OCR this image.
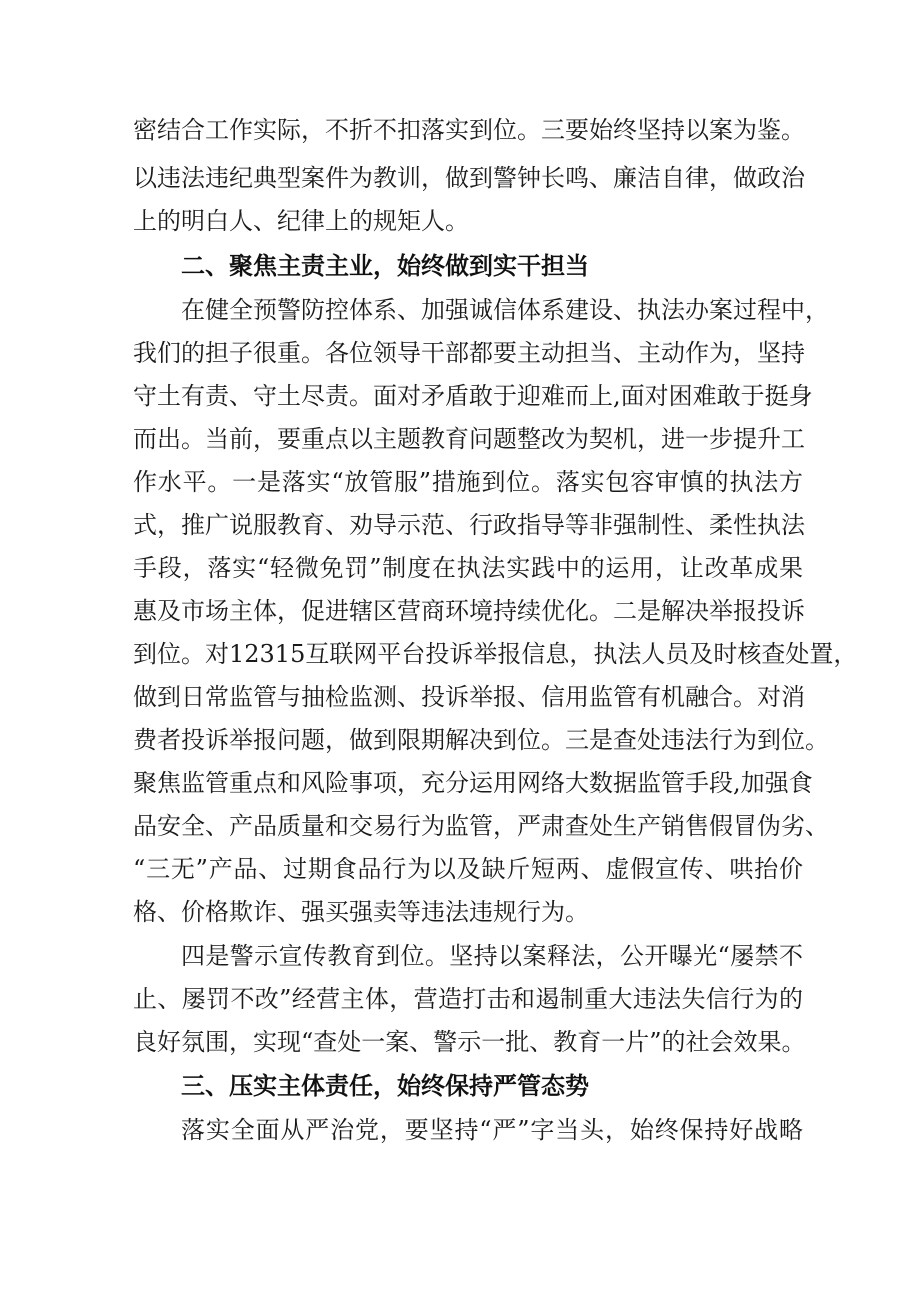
密结合工作实际，不折不扣落实到位。三要始终坚持以案为鉴。
以违法违纪典型案件为教训，做到警钟长鸣、廉洁自律，做政治
上的明白人、纪律上的规矩人。
二、聚焦主责主业，始终做到实干担当
在健全预警防控体系、加强诚信体系建设、执法办案过程中，
我们的担子很重。各位领导干部都要主动担当、主动作为，坚持
守土有责、守土尽责。面对矛盾敢于迎难而上,面对困难敢于挺身
而出。当前，要重点以主题教育问题整改为契机，进一步提升工
作水平。一是落实“放管服”措施到位。落实包容审慎的执法方
式，推广说服教育、劝导示范、行政指导等非强制性、柔性执法
手段，落实“轻微免罚”制度在执法实践中的运用，让改革成果
惠及市场主体，促进辖区营商环境持续优化。二是解决举报投诉
到位。对12315互联网平台投诉举报信息，执法人员及时核查处置，
做到日常监管与抽检监测、投诉举报、信用监管有机融合。对消
费者投诉举报问题，做到限期解决到位。三是查处违法行为到位。
聚焦监管重点和风险事项，充分运用网络大数据监管手段,加强食
品安全、产品质量和交易行为监管，严肃查处生产销售假冒伪劣、
“三无”产品、过期食品行为以及缺斤短两、虚假宣传、哄抬价
格、价格欺诈、强买强卖等违法违规行为。
四是警示宣传教育到位。坚持以案释法，公开曝光“屡禁不
止、屡罚不改”经营主体，营造打击和遏制重大违法失信行为的
良好氛围，实现“查处一案、警示一批、教育一片”的社会效果。
三、压实主体责任，始终保持严管态势
落实全面从严治党，要坚持“严”字当头，始终保持好战略
